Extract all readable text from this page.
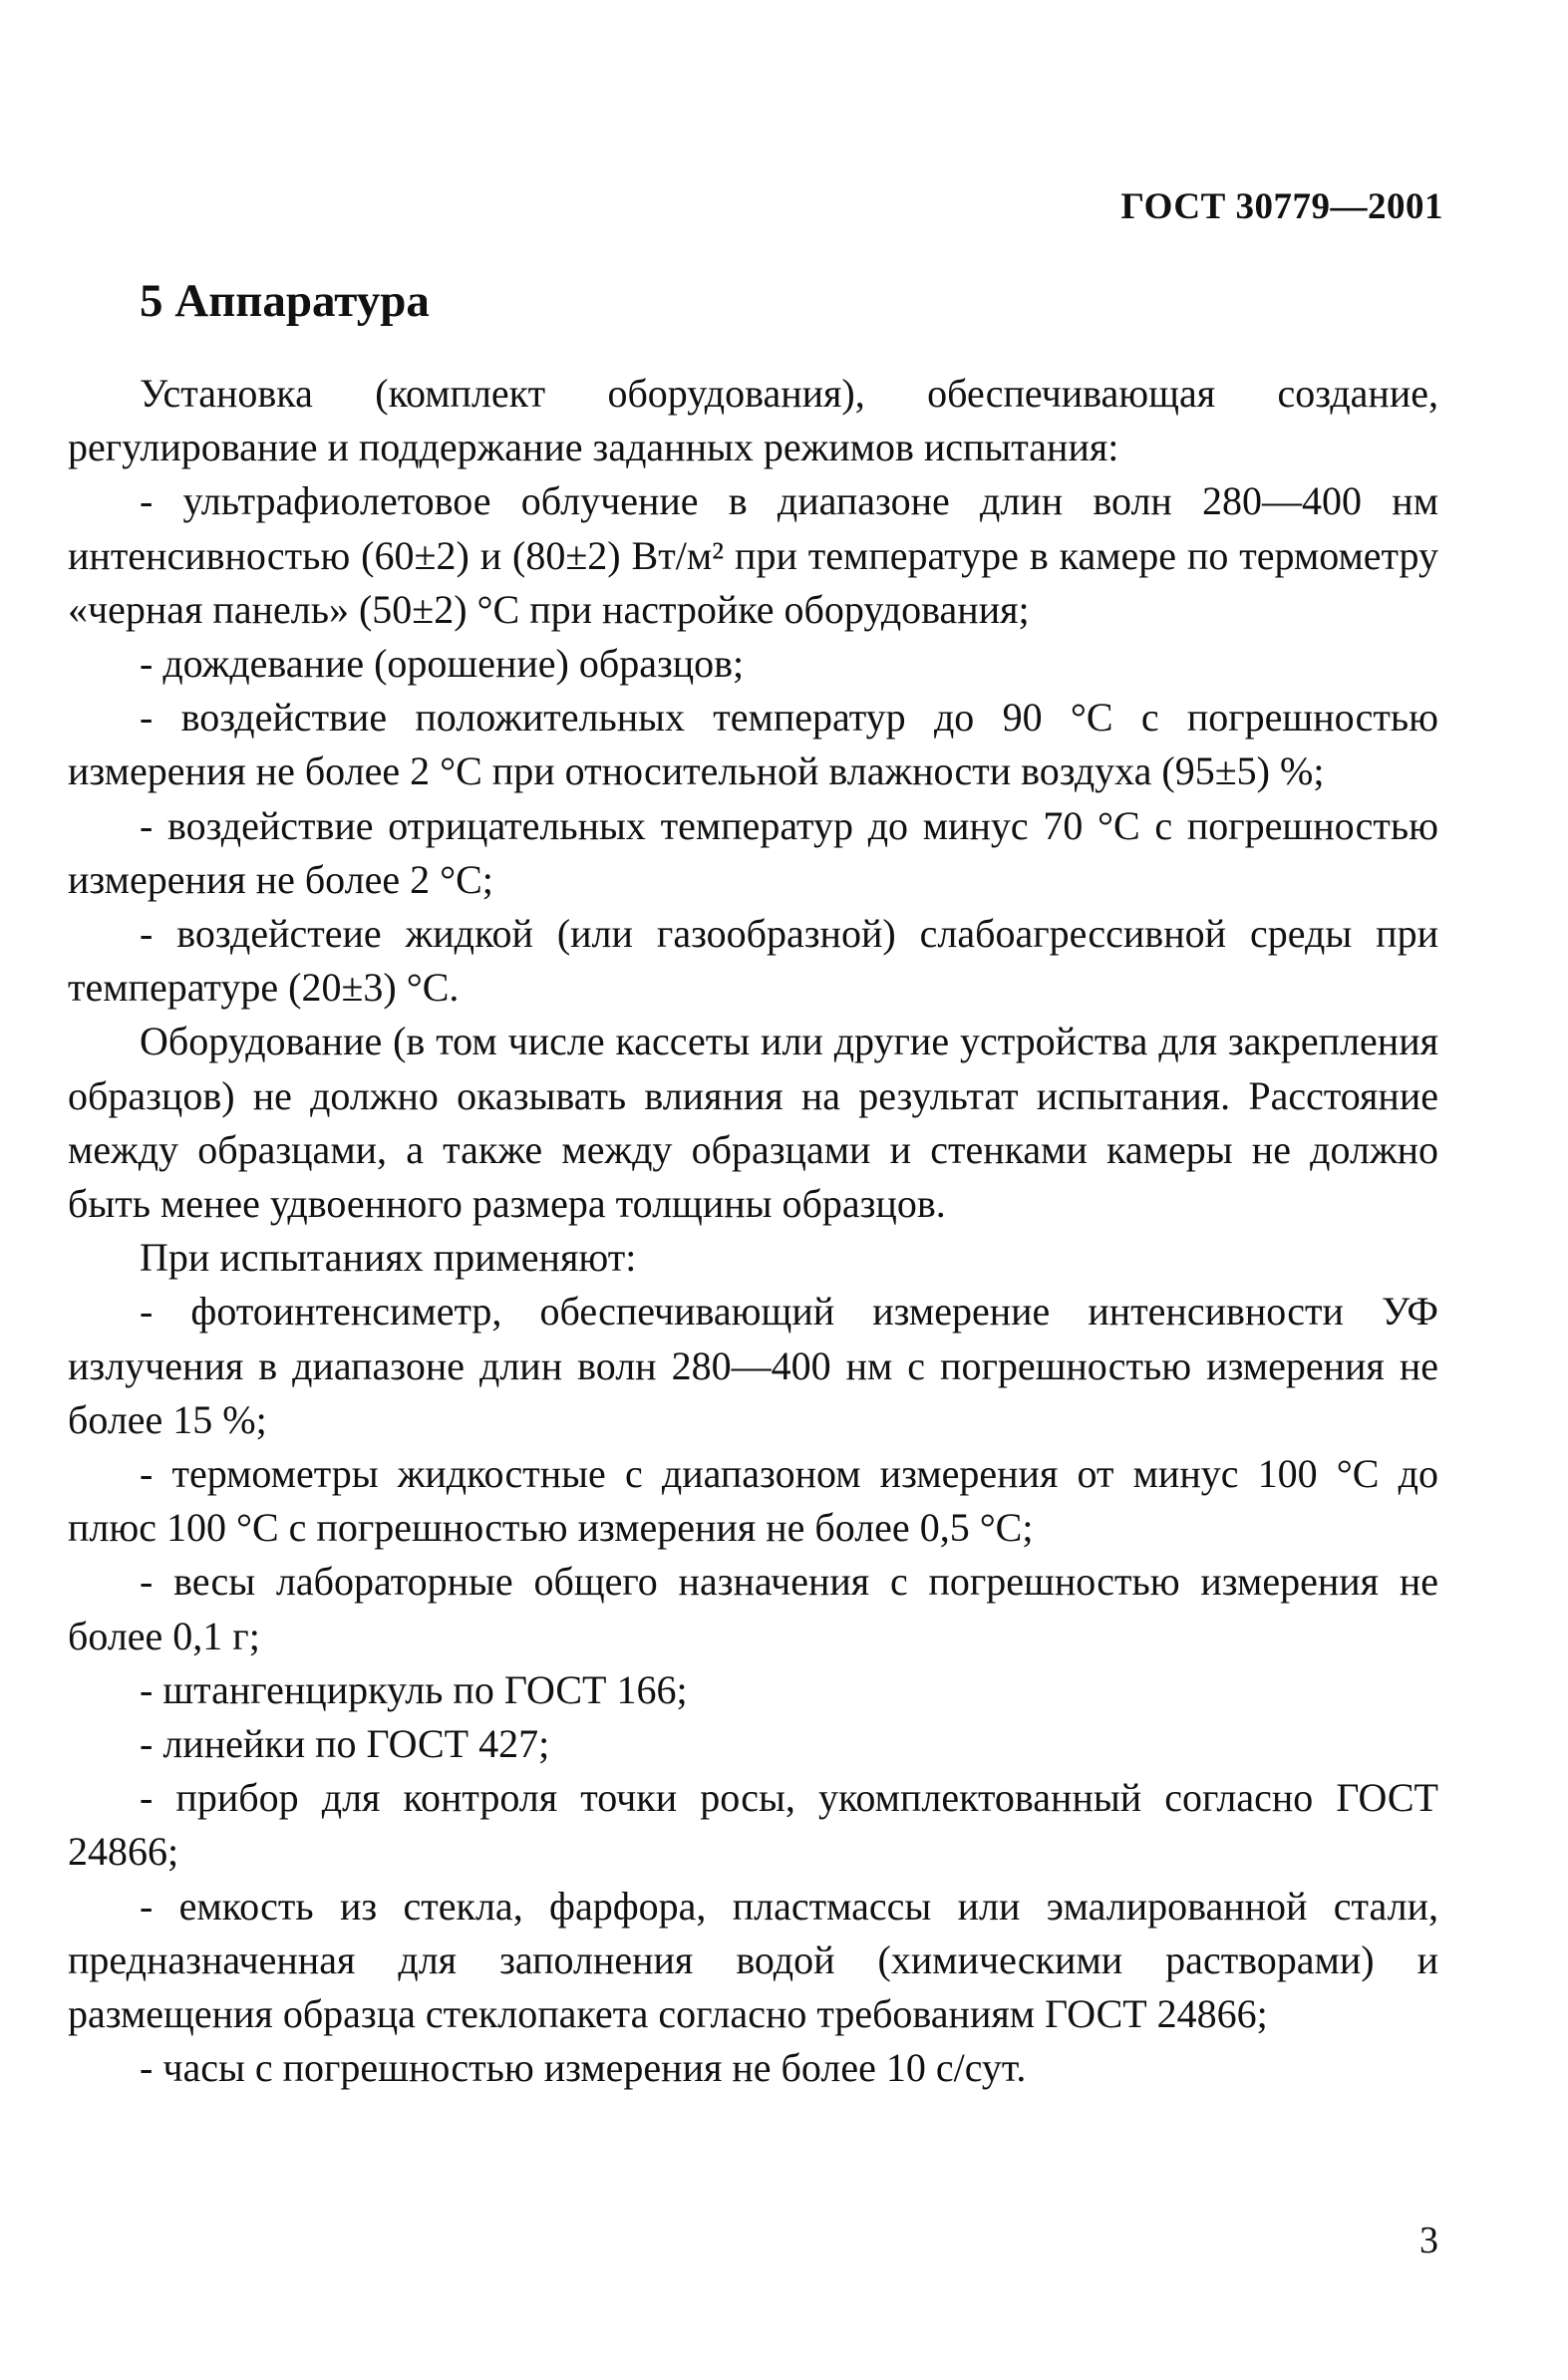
ГОСТ 30779—2001
5 Аппаратура

Установка (комплект оборудования), обеспечивающая создание, регулирование и поддержание заданных режимов испытания:

- ультрафиолетовое облучение в диапазоне длин волн 280—400 нм интенсивностью (60±2) и (80±2) Вт/м² при температуре в камере по термометру «черная панель» (50±2) °С при настройке оборудования;

- дождевание (орошение) образцов;

- воздействие положительных температур до 90 °С с погрешностью измерения не более 2 °С при относительной влажности воздуха (95±5) %;

- воздействие отрицательных температур до минус 70 °С с погрешностью измерения не более 2 °С;

- воздейстеие жидкой (или газообразной) слабоагрессивной среды при температуре (20±3) °С.

Оборудование (в том числе кассеты или другие устройства для закрепления образцов) не должно оказывать влияния на результат испытания. Расстояние между образцами, а также между образцами и стенками камеры не должно быть менее удвоенного размера толщины образцов.

При испытаниях применяют:

- фотоинтенсиметр, обеспечивающий измерение интенсивности УФ излучения в диапазоне длин волн 280—400 нм с погрешностью измерения не более 15 %;

- термометры жидкостные с диапазоном измерения от минус 100 °С до плюс 100 °С с погрешностью измерения не более 0,5 °С;

- весы лабораторные общего назначения с погрешностью измерения не более 0,1 г;

- штангенциркуль по ГОСТ 166;

- линейки по ГОСТ 427;

- прибор для контроля точки росы, укомплектованный согласно ГОСТ 24866;

- емкость из стекла, фарфора, пластмассы или эмалированной стали, предназначенная для заполнения водой (химическими растворами) и размещения образца стеклопакета согласно требованиям ГОСТ 24866;

- часы с погрешностью измерения не более 10 с/сут.

3
